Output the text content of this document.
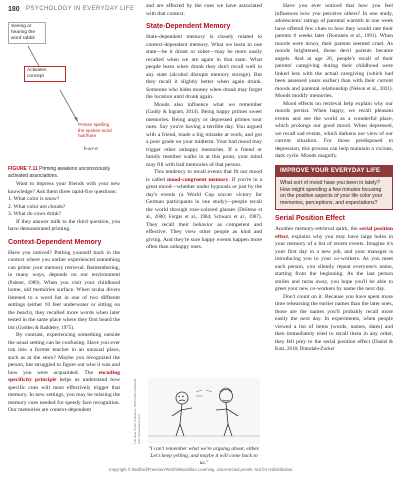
180 PSYCHOLOGY IN EVERYDAY LIFE
Seeing or hearing the word rabbit
Activates concept
Primes spelling the spoken word hair/hare
h-a-r-e
FIGURE 7.11 Priming awakens unconsciously activated associations.

Want to impress your friends with your new knowledge? Ask them three rapid-fire questions:

1. What color is snow?

2. What color are clouds?

3. What do cows drink?

If they answer milk to the third question, you have demonstrated priming.

Context-Dependent Memory

Have you noticed? Putting yourself back in the context where you earlier experienced something can prime your memory retrieval. Remembering, in many ways, depends on our environment (Palmer, 1989). When you visit your childhood home, old memories surface. When scuba divers listened to a word list in one of two different settings (either 10 feet underwater or sitting on the beach), they recalled more words when later tested in the same place where they first heard the list (Godden & Baddeley, 1975).

By contrast, experiencing something outside the usual setting can be confusing. Have you ever run into a former teacher in an unusual place, such as at the store? Maybe you recognized the person, but struggled to figure out who it was and how you were acquainted. The encoding specificity principle helps us understand how specific cues will most effectively trigger that memory. In new settings, you may be missing the memory cues needed for speedy face recognition. Our memories are context-dependent

and are affected by the cues we have associated with that context.

State-Dependent Memory

State-dependent memory is closely related to context-dependent memory. What we learn in one state—be it drunk or sober—may be more easily recalled when we are again in that state. What people learn when drunk they don't recall well in any state (alcohol disrupts memory storage). But they recall it slightly better when again drunk. Someone who hides money when drunk may forget the location until drunk again.

Moods also influence what we remember (Gaddy & Ingram, 2014). Being happy primes sweet memories. Being angry or depressed primes sour ones. Say you're having a terrible day. You argued with a friend, made a big mistake at work, and got a poor grade on your midterm. Your bad mood may trigger other unhappy memories. If a friend or family member walks in at this point, your mind may fill with bad memories of that person.

This tendency to recall events that fit our mood is called mood-congruent memory. If you're in a great mood—whether under hypnosis or just by the day's events (a World Cup soccer victory for German participants in one study)—people recall the world through rose-colored glasses (DeSteno et al., 2000; Forgas et al., 1984; Schwarz et al., 1987). They recall their behavior as competent and effective. They view other people as kind and giving. And they're sure happy events happen more often than unhappy ones.

The New Yorker Collection, 2005 Robert Mankoff from cartoonbank.com
"I can't remember what we're arguing about, either. Let's keep yelling, and maybe it will come back to us."

Have you ever noticed that how you feel influences how you perceive others? In one study, adolescents' ratings of parental warmth in one week have offered few clues to how they would rate their parents 6 weeks later (Bornstein et al., 1991). When moods were down, their parents seemed cruel. As moods brightened, those devil parents became angels. And at age 26, people's recall of their parents' caregiving during their childhood were linked less with the actual caregiving (which had been assessed years earlier) than with their current moods and parental relationship (Nelson et al., 2021). Moods modify memories.

Mood effects on retrieval help explain why our moods persist. When happy, we recall pleasant events and see the world as a wonderful place, which prolongs our good mood. When depressed, we recall sad events, which darkens our view of our current situation. For those predisposed to depression, this process can help maintain a vicious, dark cycle. Moods magnify.

IMPROVE YOUR EVERYDAY LIFE
What sort of mood have you been in lately? How might spending a few minutes focusing on the positive aspects of your life color your memories, perceptions, and expectations?
Serial Position Effect

Another memory-retrieval quirk, the serial position effect, explains why you may have large holes in your memory of a list of recent events. Imagine it's your first day in a new job, and your manager is introducing you to your co-workers. As you meet each person, you silently repeat everyone's name, starting from the beginning. As the last person smiles and turns away, you hope you'll be able to greet your new co-workers by name the next day.

Don't count on it. Because you have spent more time rehearsing the earlier names than the later ones, those are the names you'll probably recall more easily the next day. In experiments, when people viewed a list of items (words, names, dates) and then immediately tried to recall them in any order, they fell prey to the serial position effect (Daniel & Katz, 2018; Dimsdale-Zucker

Copyright © Bedford/Freeman/Worth/Macmillan Learning. Uncorrected proofs. Not for redistribution.
